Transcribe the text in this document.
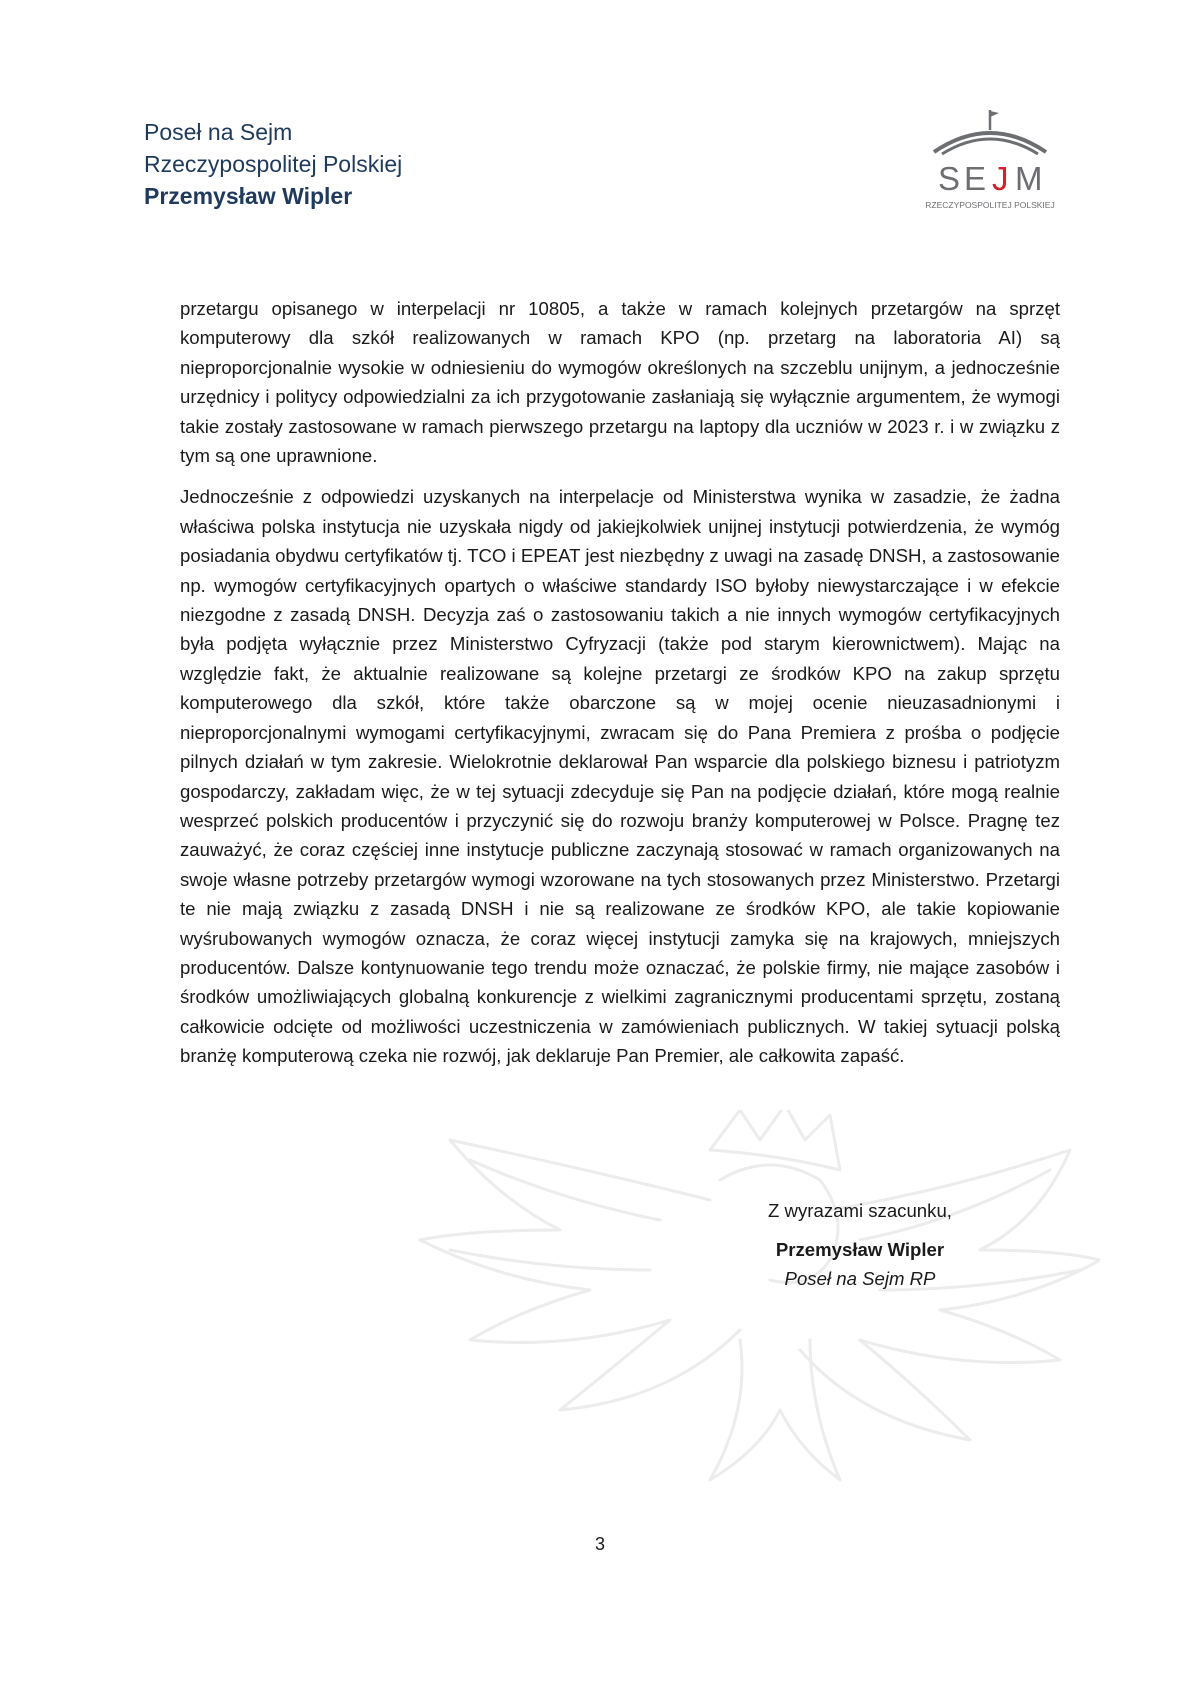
Poseł na Sejm
Rzeczypospolitej Polskiej
Przemysław Wipler	S E J M
RZECZYPOSPOLITEJ POLSKIEJ

przetargu opisanego w interpelacji nr 10805, a także w ramach kolejnych przetargów na sprzęt komputerowy dla szkół realizowanych w ramach KPO (np. przetarg na laboratoria AI) są nieproporcjonalnie wysokie w odniesieniu do wymogów określonych na szczeblu unijnym, a jednocześnie urzędnicy i politycy odpowiedzialni za ich przygotowanie zasłaniają się wyłącznie argumentem, że wymogi takie zostały zastosowane w ramach pierwszego przetargu na laptopy dla uczniów w 2023 r. i w związku z tym są one uprawnione.

Jednocześnie z odpowiedzi uzyskanych na interpelacje od Ministerstwa wynika w zasadzie, że żadna właściwa polska instytucja nie uzyskała nigdy od jakiejkolwiek unijnej instytucji potwierdzenia, że wymóg posiadania obydwu certyfikatów tj. TCO i EPEAT jest niezbędny z uwagi na zasadę DNSH, a zastosowanie np. wymogów certyfikacyjnych opartych o właściwe standardy ISO byłoby niewystarczające i w efekcie niezgodne z zasadą DNSH. Decyzja zaś o zastosowaniu takich a nie innych wymogów certyfikacyjnych była podjęta wyłącznie przez Ministerstwo Cyfryzacji (także pod starym kierownictwem). Mając na względzie fakt, że aktualnie realizowane są kolejne przetargi ze środków KPO na zakup sprzętu komputerowego dla szkół, które także obarczone są w mojej ocenie nieuzasadnionymi i nieproporcjonalnymi wymogami certyfikacyjnymi, zwracam się do Pana Premiera z prośba o podjęcie pilnych działań w tym zakresie. Wielokrotnie deklarował Pan wsparcie dla polskiego biznesu i patriotyzm gospodarczy, zakładam więc, że w tej sytuacji zdecyduje się Pan na podjęcie działań, które mogą realnie wesprzeć polskich producentów i przyczynić się do rozwoju branży komputerowej w Polsce. Pragnę tez zauważyć, że coraz częściej inne instytucje publiczne zaczynają stosować w ramach organizowanych na swoje własne potrzeby przetargów wymogi wzorowane na tych stosowanych przez Ministerstwo. Przetargi te nie mają związku z zasadą DNSH i nie są realizowane ze środków KPO, ale takie kopiowanie wyśrubowanych wymogów oznacza, że coraz więcej instytucji zamyka się na krajowych, mniejszych producentów. Dalsze kontynuowanie tego trendu może oznaczać, że polskie firmy, nie mające zasobów i środków umożliwiających globalną konkurencje z wielkimi zagranicznymi producentami sprzętu, zostaną całkowicie odcięte od możliwości uczestniczenia w zamówieniach publicznych. W takiej sytuacji polską branżę komputerową czeka nie rozwój, jak deklaruje Pan Premier, ale całkowita zapaść.

Z wyrazami szacunku,
Przemysław Wipler
Poseł na Sejm RP
3
